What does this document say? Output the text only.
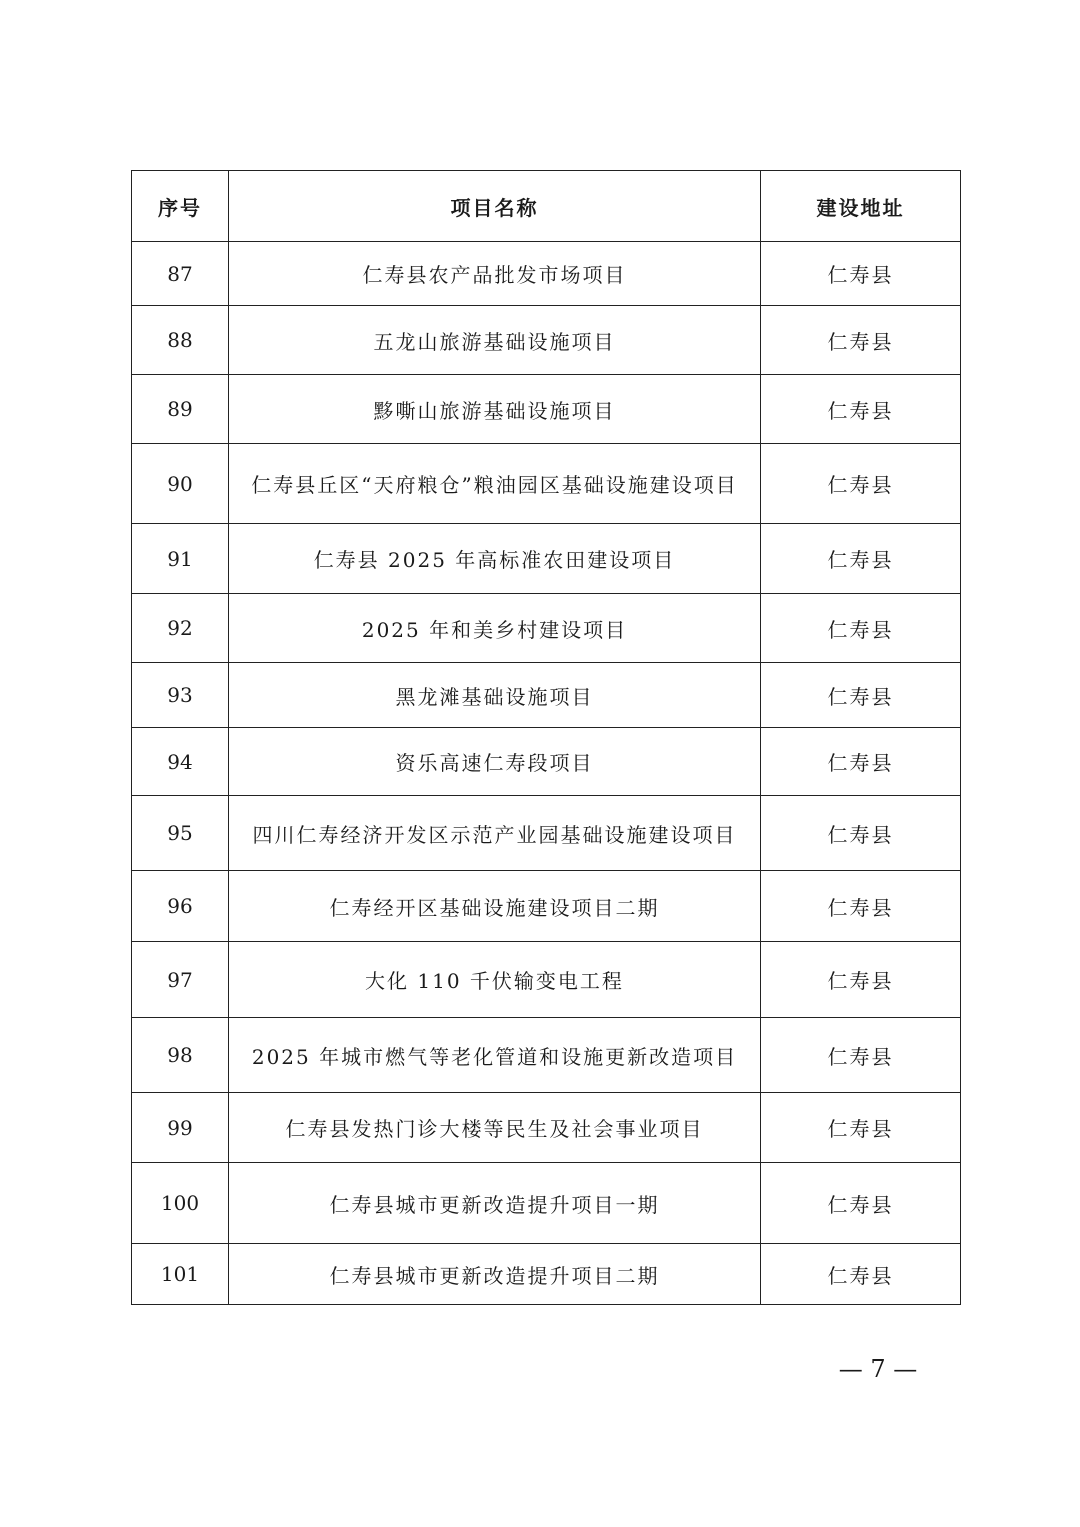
序号	项目名称	建设地址
87	仁寿县农产品批发市场项目	仁寿县
88	五龙山旅游基础设施项目	仁寿县
89	黟嘶山旅游基础设施项目	仁寿县
90	仁寿县丘区“天府粮仓”粮油园区基础设施建设项目	仁寿县
91	仁寿县 2025 年高标准农田建设项目	仁寿县
92	2025 年和美乡村建设项目	仁寿县
93	黑龙滩基础设施项目	仁寿县
94	资乐高速仁寿段项目	仁寿县
95	四川仁寿经济开发区示范产业园基础设施建设项目	仁寿县
96	仁寿经开区基础设施建设项目二期	仁寿县
97	大化 110 千伏输变电工程	仁寿县
98	2025 年城市燃气等老化管道和设施更新改造项目	仁寿县
99	仁寿县发热门诊大楼等民生及社会事业项目	仁寿县
100	仁寿县城市更新改造提升项目一期	仁寿县
101	仁寿县城市更新改造提升项目二期	仁寿县
— 7 —
